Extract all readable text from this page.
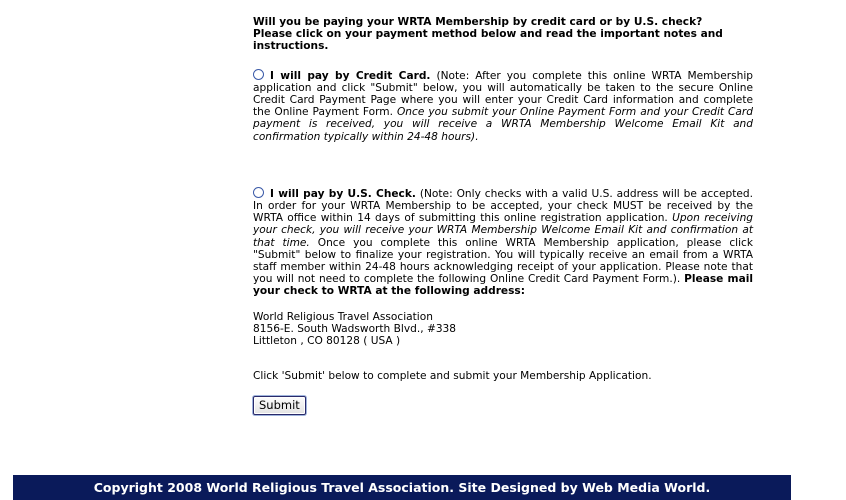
Will you be paying your WRTA Membership by credit card or by U.S. check?
Please click on your payment method below and read the important notes and instructions.

I will pay by Credit Card. (Note: After you complete this online WRTA Membership application and click "Submit" below, you will automatically be taken to the secure Online Credit Card Payment Page where you will enter your Credit Card information and complete the Online Payment Form. Once you submit your Online Payment Form and your Credit Card payment is received, you will receive a WRTA Membership Welcome Email Kit and confirmation typically within 24-48 hours).

I will pay by U.S. Check. (Note: Only checks with a valid U.S. address will be accepted. In order for your WRTA Membership to be accepted, your check MUST be received by the WRTA office within 14 days of submitting this online registration application. Upon receiving your check, you will receive your WRTA Membership Welcome Email Kit and confirmation at that time. Once you complete this online WRTA Membership application, please click "Submit" below to finalize your registration. You will typically receive an email from a WRTA staff member within 24-48 hours acknowledging receipt of your application. Please note that you will not need to complete the following Online Credit Card Payment Form.). Please mail your check to WRTA at the following address:

World Religious Travel Association
8156-E. South Wadsworth Blvd., #338
Littleton , CO 80128 ( USA )
Click 'Submit' below to complete and submit your Membership Application.
Submit
Copyright 2008 World Religious Travel Association. Site Designed by Web Media World.
